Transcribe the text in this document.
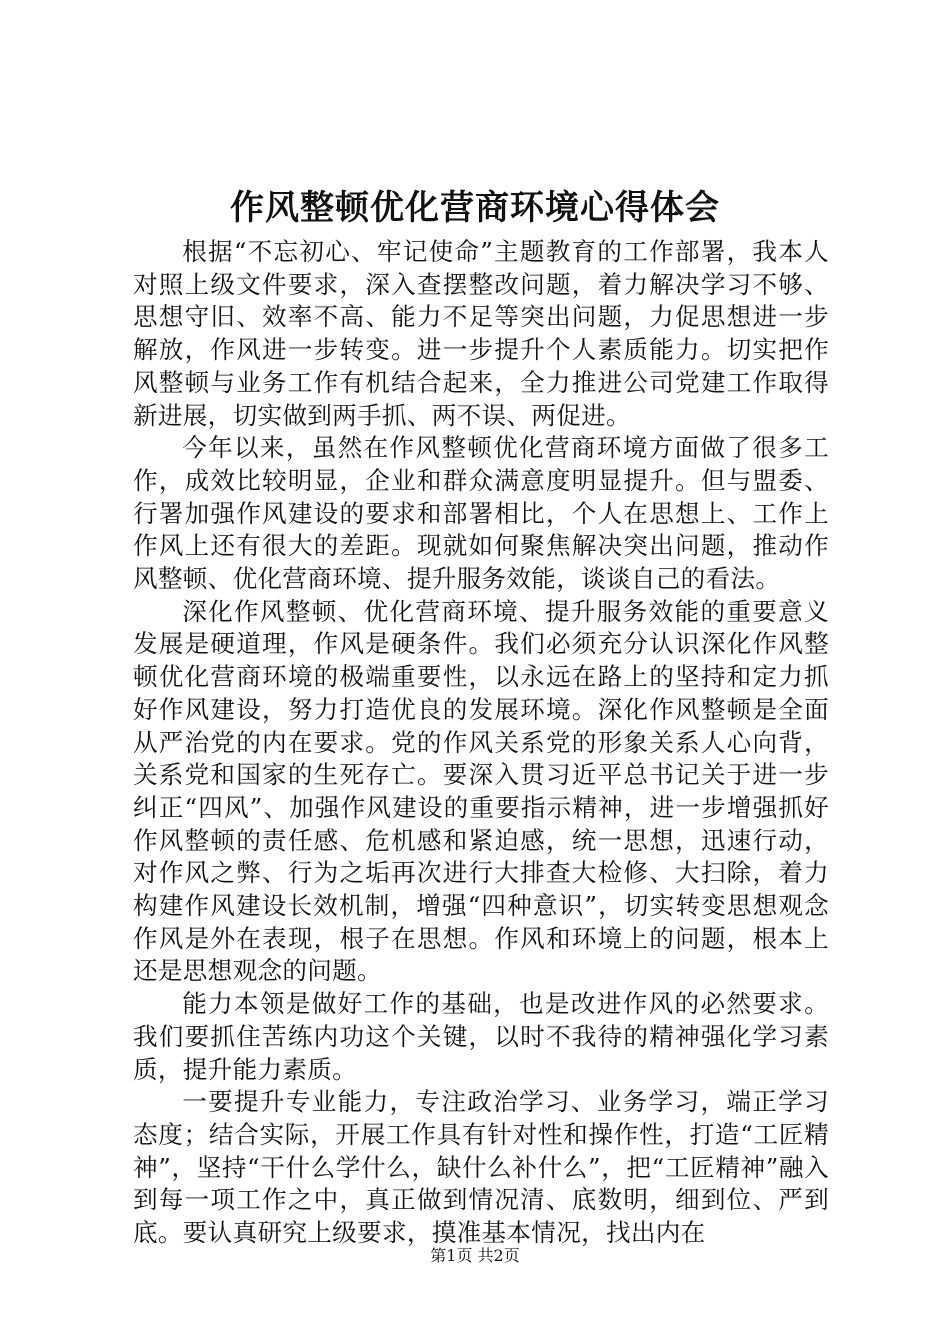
作风整顿优化营商环境心得体会

根据“不忘初心、牢记使命”主题教育的工作部署，我本人对照上级文件要求，深入查摆整改问题，着力解决学习不够、思想守旧、效率不高、能力不足等突出问题，力促思想进一步解放，作风进一步转变。进一步提升个人素质能力。切实把作风整顿与业务工作有机结合起来，全力推进公司党建工作取得新进展，切实做到两手抓、两不误、两促进。

今年以来，虽然在作风整顿优化营商环境方面做了很多工作，成效比较明显，企业和群众满意度明显提升。但与盟委、行署加强作风建设的要求和部署相比，个人在思想上、工作上作风上还有很大的差距。现就如何聚焦解决突出问题，推动作风整顿、优化营商环境、提升服务效能，谈谈自己的看法。

深化作风整顿、优化营商环境、提升服务效能的重要意义发展是硬道理，作风是硬条件。我们必须充分认识深化作风整顿优化营商环境的极端重要性，以永远在路上的坚持和定力抓好作风建设，努力打造优良的发展环境。深化作风整顿是全面从严治党的内在要求。党的作风关系党的形象关系人心向背，关系党和国家的生死存亡。要深入贯习近平总书记关于进一步纠正“四风”、加强作风建设的重要指示精神，进一步增强抓好作风整顿的责任感、危机感和紧迫感，统一思想，迅速行动，对作风之弊、行为之垢再次进行大排查大检修、大扫除，着力构建作风建设长效机制，增强“四种意识”，切实转变思想观念作风是外在表现，根子在思想。作风和环境上的问题，根本上还是思想观念的问题。

能力本领是做好工作的基础，也是改进作风的必然要求。我们要抓住苦练内功这个关键，以时不我待的精神强化学习素质，提升能力素质。

一要提升专业能力，专注政治学习、业务学习，端正学习态度；结合实际，开展工作具有针对性和操作性，打造“工匠精神”，坚持“干什么学什么，缺什么补什么”，把“工匠精神”融入到每一项工作之中，真正做到情况清、底数明，细到位、严到底。要认真研究上级要求，摸准基本情况，找出内在

第1页 共2页
